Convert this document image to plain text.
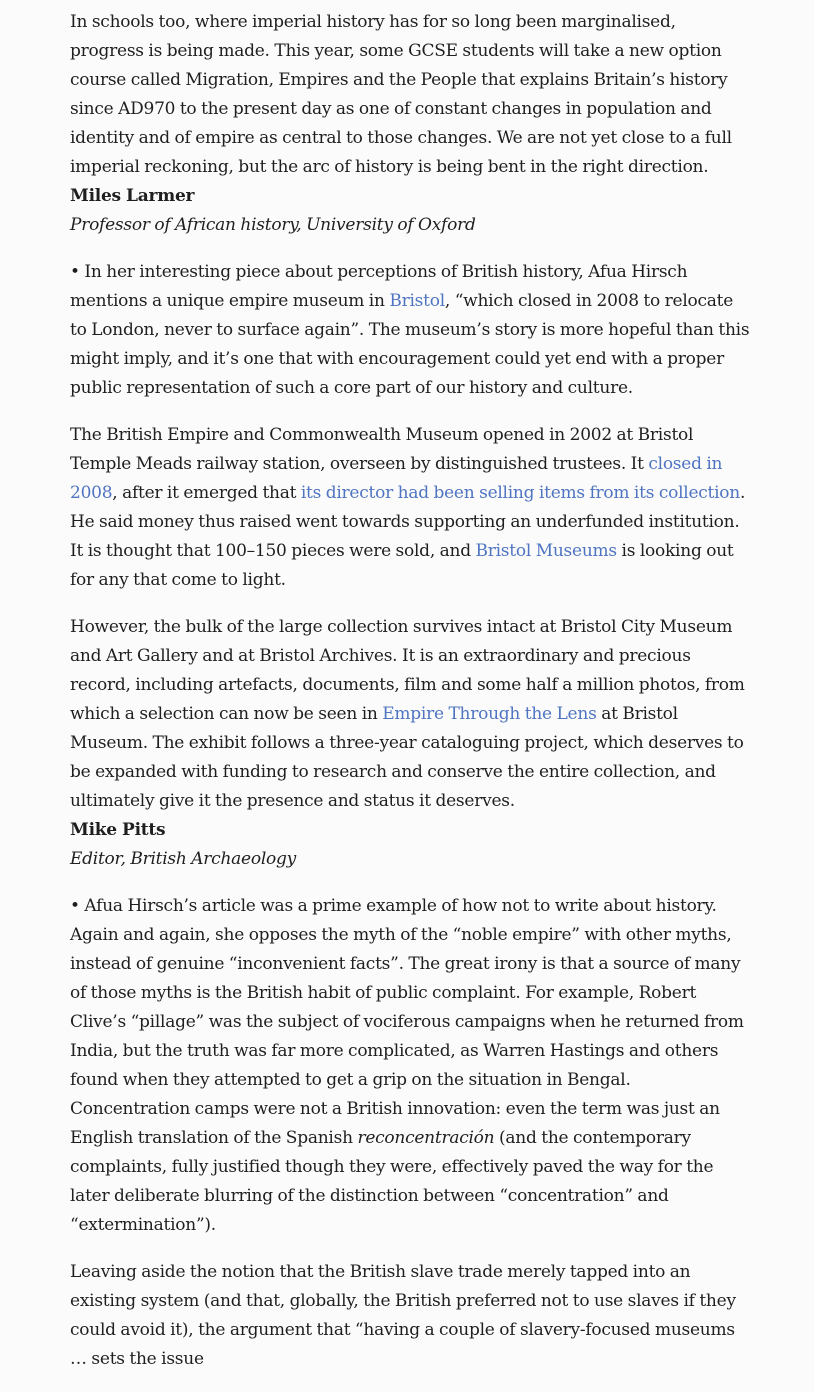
In schools too, where imperial history has for so long been marginalised, progress is being made. This year, some GCSE students will take a new option course called Migration, Empires and the People that explains Britain’s history since AD970 to the present day as one of constant changes in population and identity and of empire as central to those changes. We are not yet close to a full imperial reckoning, but the arc of history is being bent in the right direction.

Miles Larmer
Professor of African history, University of Oxford

• In her interesting piece about perceptions of British history, Afua Hirsch mentions a unique empire museum in Bristol, “which closed in 2008 to relocate to London, never to surface again”. The museum’s story is more hopeful than this might imply, and it’s one that with encouragement could yet end with a proper public representation of such a core part of our history and culture.

The British Empire and Commonwealth Museum opened in 2002 at Bristol Temple Meads railway station, overseen by distinguished trustees. It closed in 2008, after it emerged that its director had been selling items from its collection. He said money thus raised went towards supporting an underfunded institution. It is thought that 100–150 pieces were sold, and Bristol Museums is looking out for any that come to light.

However, the bulk of the large collection survives intact at Bristol City Museum and Art Gallery and at Bristol Archives. It is an extraordinary and precious record, including artefacts, documents, film and some half a million photos, from which a selection can now be seen in Empire Through the Lens at Bristol Museum. The exhibit follows a three-year cataloguing project, which deserves to be expanded with funding to research and conserve the entire collection, and ultimately give it the presence and status it deserves.

Mike Pitts
Editor, British Archaeology

• Afua Hirsch’s article was a prime example of how not to write about history. Again and again, she opposes the myth of the “noble empire” with other myths, instead of genuine “inconvenient facts”. The great irony is that a source of many of those myths is the British habit of public complaint. For example, Robert Clive’s “pillage” was the subject of vociferous campaigns when he returned from India, but the truth was far more complicated, as Warren Hastings and others found when they attempted to get a grip on the situation in Bengal. Concentration camps were not a British innovation: even the term was just an English translation of the Spanish reconcentración (and the contemporary complaints, fully justified though they were, effectively paved the way for the later deliberate blurring of the distinction between “concentration” and “extermination”).

Leaving aside the notion that the British slave trade merely tapped into an existing system (and that, globally, the British preferred not to use slaves if they could avoid it), the argument that “having a couple of slavery-focused museums … sets the issue
